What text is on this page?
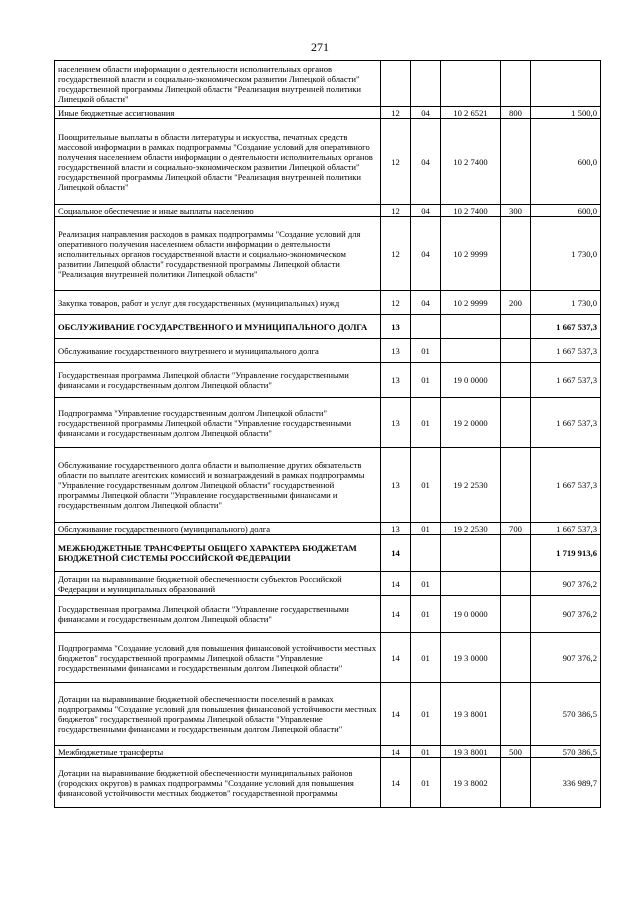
271
населением области информации о деятельности исполнительных органов государственной власти и социально-экономическом развитии Липецкой области" государственной программы Липецкой области "Реализация внутренней политики Липецкой области"					
Иные бюджетные ассигнования	12	04	10 2 6521	800	1 500,0
Поощрительные выплаты в области литературы и искусства, печатных средств массовой информации в рамках подпрограммы "Создание условий для оперативного получения населением области информации о деятельности исполнительных органов государственной власти и социально-экономическом развитии Липецкой области" государственной программы Липецкой области "Реализация внутренней политики Липецкой области"	12	04	10 2 7400		600,0
Социальное обеспечение и иные выплаты населению	12	04	10 2 7400	300	600,0
Реализация направления расходов в рамках подпрограммы "Создание условий для оперативного получения населением области информации о деятельности исполнительных органов государственной власти и социально-экономическом развитии Липецкой области" государственной программы Липецкой области "Реализация внутренней политики Липецкой области"	12	04	10 2 9999		1 730,0
Закупка товаров, работ и услуг для государственных (муниципальных) нужд	12	04	10 2 9999	200	1 730,0
ОБСЛУЖИВАНИЕ ГОСУДАРСТВЕННОГО И МУНИЦИПАЛЬНОГО ДОЛГА	13				1 667 537,3
Обслуживание государственного внутреннего и муниципального долга	13	01			1 667 537,3
Государственная программа Липецкой области "Управление государственными финансами и государственным долгом Липецкой области"	13	01	19 0 0000		1 667 537,3
Подпрограмма "Управление государственным долгом Липецкой области" государственной программы Липецкой области "Управление государственными финансами и государственным долгом Липецкой области"	13	01	19 2 0000		1 667 537,3
Обслуживание государственного долга области и выполнение других обязательств области по выплате агентских комиссий и вознаграждений в рамках подпрограммы "Управление государственным долгом Липецкой области" государственной программы Липецкой области "Управление государственными финансами и государственным долгом Липецкой области"	13	01	19 2 2530		1 667 537,3
Обслуживание государственного (муниципального) долга	13	01	19 2 2530	700	1 667 537,3
МЕЖБЮДЖЕТНЫЕ ТРАНСФЕРТЫ ОБЩЕГО ХАРАКТЕРА БЮДЖЕТАМ БЮДЖЕТНОЙ СИСТЕМЫ РОССИЙСКОЙ ФЕДЕРАЦИИ	14				1 719 913,6
Дотации на выравнивание бюджетной обеспеченности субъектов Российской Федерации и муниципальных образований	14	01			907 376,2
Государственная программа Липецкой области "Управление государственными финансами и государственным долгом Липецкой области"	14	01	19 0 0000		907 376,2
Подпрограмма "Создание условий для повышения финансовой устойчивости местных бюджетов" государственной программы Липецкой области "Управление государственными финансами и государственным долгом Липецкой области"	14	01	19 3 0000		907 376,2
Дотации на выравнивание бюджетной обеспеченности поселений в рамках подпрограммы "Создание условий для повышения финансовой устойчивости местных бюджетов" государственной программы Липецкой области "Управление государственными финансами и государственным долгом Липецкой области"	14	01	19 3 8001		570 386,5
Межбюджетные трансферты	14	01	19 3 8001	500	570 386,5
Дотации на выравнивание бюджетной обеспеченности муниципальных районов (городских округов) в рамках подпрограммы "Создание условий для повышения финансовой устойчивости местных бюджетов" государственной программы	14	01	19 3 8002		336 989,7
